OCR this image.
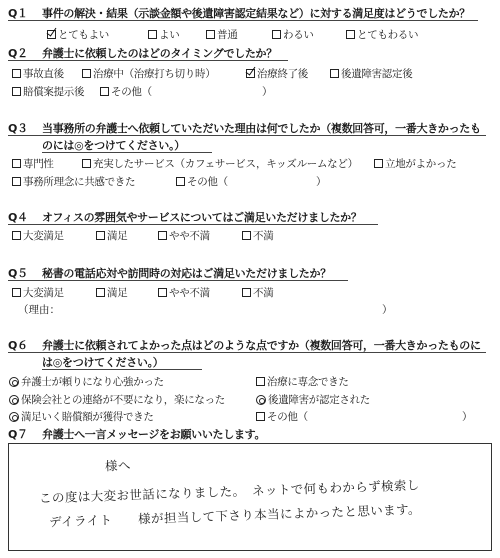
Q１ 事件の解決・結果（示談金額や後遺障害認定結果など）に対する満足度はどうでしたか？
とてもよい	よい	普通	わるい	とてもわるい
Q２ 弁護士に依頼したのはどのタイミングでしたか？
事故直後	治療中（治療打ち切り時）	治療終了後	後遺障害認定後
賠償案提示後	その他（	）
Q３ 当事務所の弁護士へ依頼していただいた理由は何でしたか（複数回答可，一番大きかったも
のには◎をつけてください。）
専門性	充実したサービス（カフェサービス，キッズルームなど）	立地がよかった
事務所理念に共感できた	その他（	）
Q４ オフィスの雰囲気やサービスについてはご満足いただけましたか？
大変満足	満足	やや不満	不満
Q５ 秘書の電話応対や訪問時の対応はご満足いただけましたか？
大変満足	満足	やや不満	不満
（理由：	）
Q６ 弁護士に依頼されてよかった点はどのような点ですか（複数回答可，一番大きかったものに
は◎をつけてください。）
弁護士が頼りになり心強かった	治療に専念できた
保険会社との連絡が不要になり，楽になった	後遺障害が認定された
満足いく賠償額が獲得できた	その他（	）
Q７ 弁護士へ一言メッセージをお願いいたします。
様へ
この度は大変お世話になりました。　ネットで何もわからず検索し
デイライト　　様が担当して下さり本当によかったと思います。
